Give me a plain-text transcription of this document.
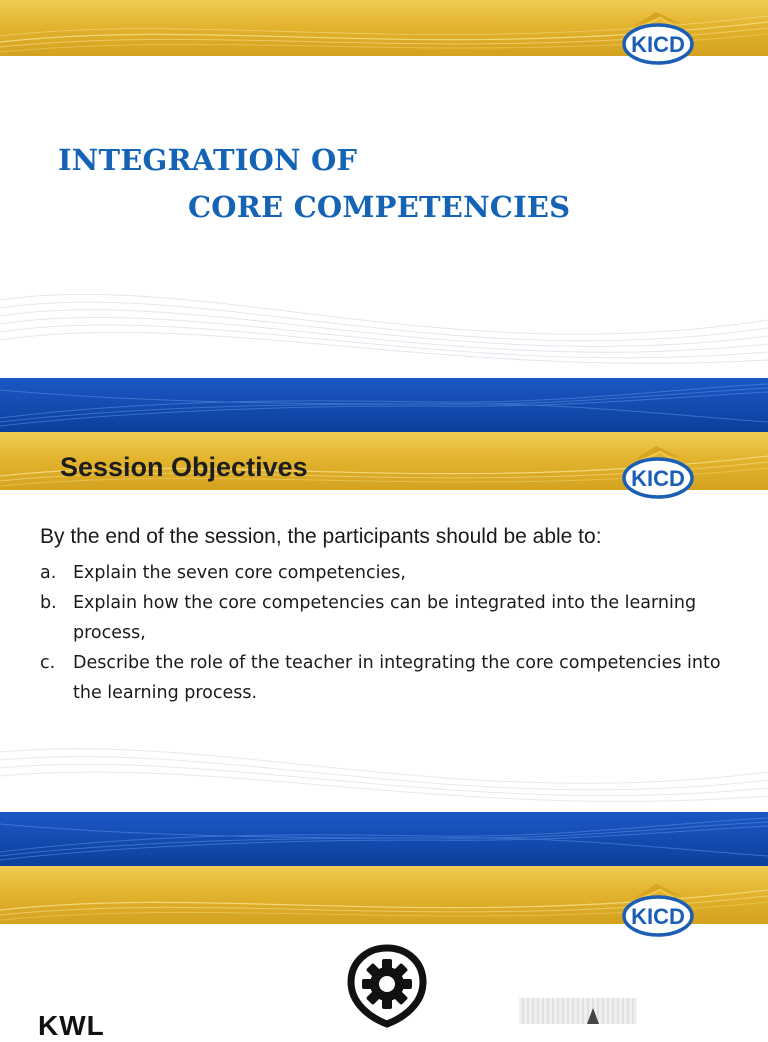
KICD
INTEGRATION OF
CORE COMPETENCIES
Session Objectives	KICD

By the end of the session, the participants should be able to:

a. Explain the seven core competencies,
b. Explain how the core competencies can be integrated into the learning process,
c. Describe the role of the teacher in integrating the core competencies into the learning process.
KICD

KWL
